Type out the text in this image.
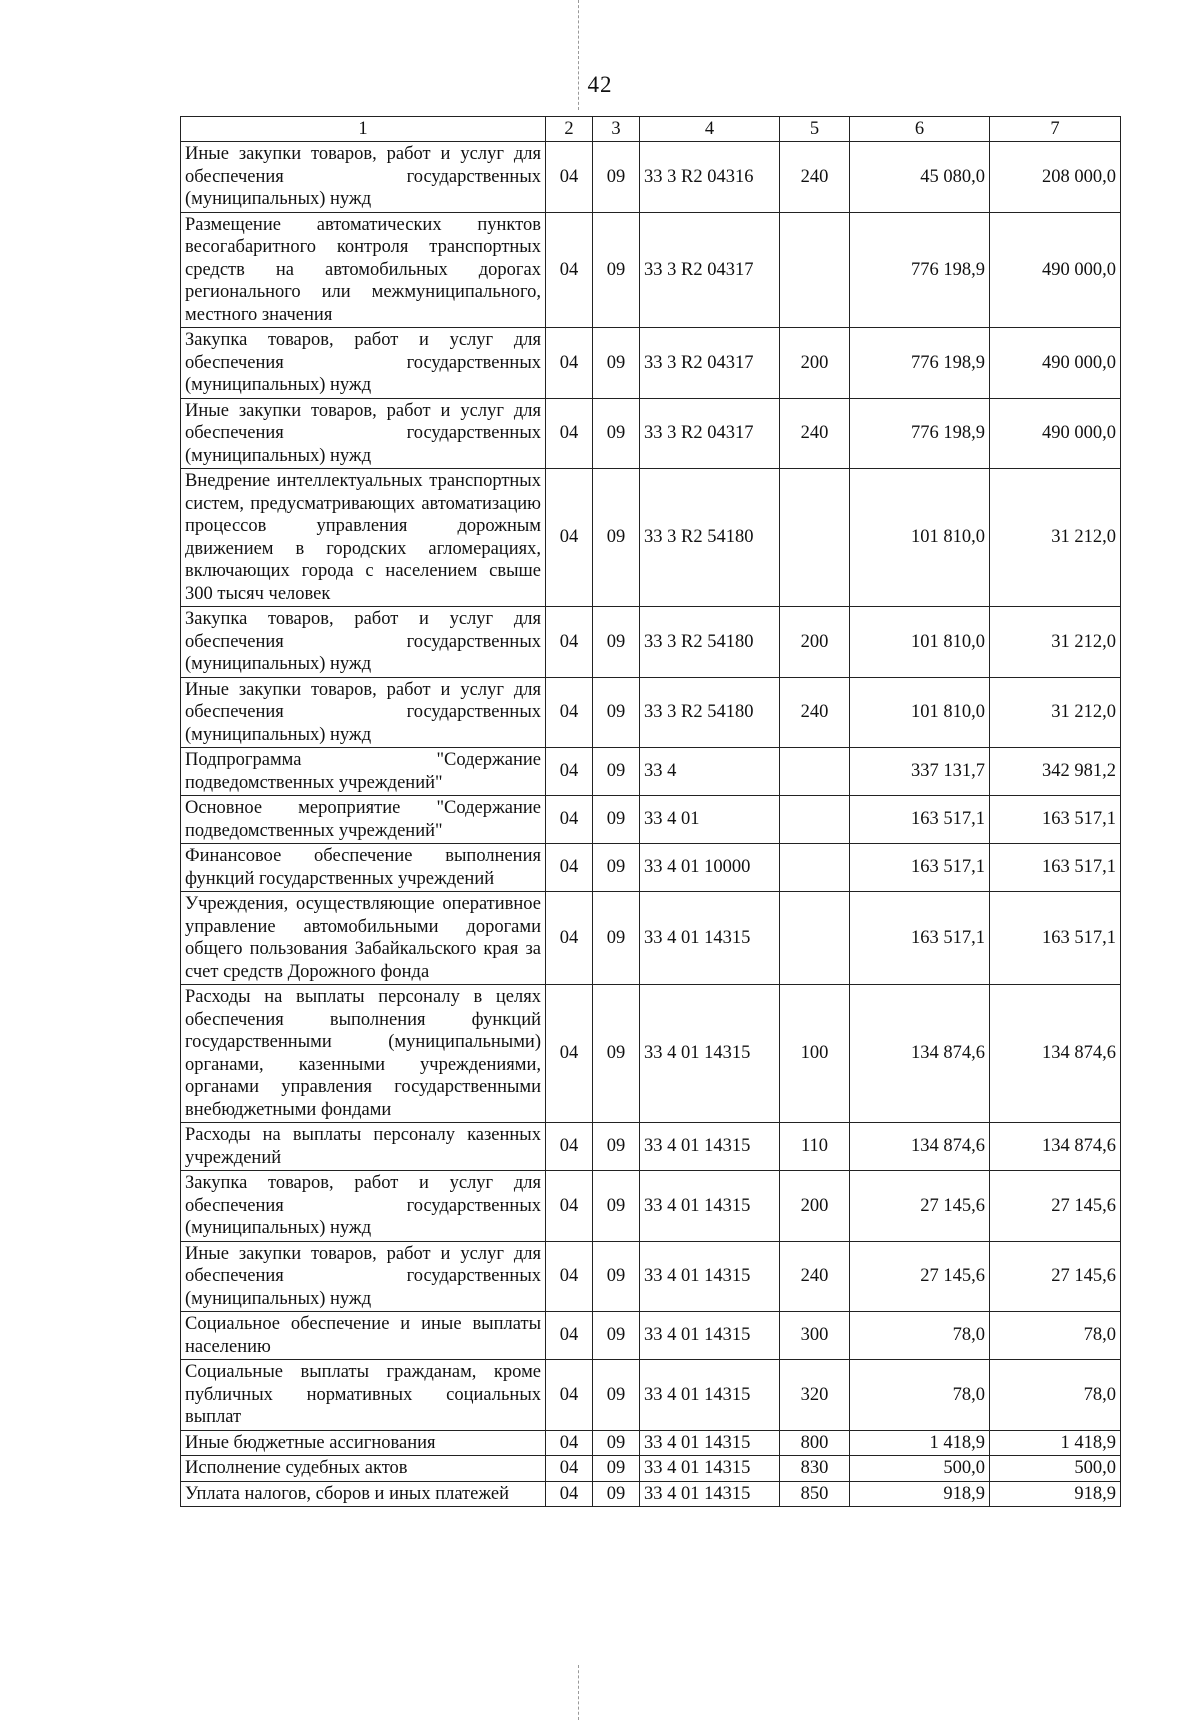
42
1	2	3	4	5	6	7
Иные закупки товаров, работ и услуг для обеспечения государственных (муниципальных) нужд	04	09	33 3 R2 04316	240	45 080,0	208 000,0
Размещение автоматических пунктов весогабаритного контроля транспортных средств на автомобильных дорогах регионального или межмуниципального, местного значения	04	09	33 3 R2 04317		776 198,9	490 000,0
Закупка товаров, работ и услуг для обеспечения государственных (муниципальных) нужд	04	09	33 3 R2 04317	200	776 198,9	490 000,0
Иные закупки товаров, работ и услуг для обеспечения государственных (муниципальных) нужд	04	09	33 3 R2 04317	240	776 198,9	490 000,0
Внедрение интеллектуальных транспортных систем, предусматривающих автоматизацию процессов управления дорожным движением в городских агломерациях, включающих города с населением свыше 300 тысяч человек	04	09	33 3 R2 54180		101 810,0	31 212,0
Закупка товаров, работ и услуг для обеспечения государственных (муниципальных) нужд	04	09	33 3 R2 54180	200	101 810,0	31 212,0
Иные закупки товаров, работ и услуг для обеспечения государственных (муниципальных) нужд	04	09	33 3 R2 54180	240	101 810,0	31 212,0
Подпрограмма "Содержание подведомственных учреждений"	04	09	33 4		337 131,7	342 981,2
Основное мероприятие "Содержание подведомственных учреждений"	04	09	33 4 01		163 517,1	163 517,1
Финансовое обеспечение выполнения функций государственных учреждений	04	09	33 4 01 10000		163 517,1	163 517,1
Учреждения, осуществляющие оперативное управление автомобильными дорогами общего пользования Забайкальского края за счет средств Дорожного фонда	04	09	33 4 01 14315		163 517,1	163 517,1
Расходы на выплаты персоналу в целях обеспечения выполнения функций государственными (муниципальными) органами, казенными учреждениями, органами управления государственными внебюджетными фондами	04	09	33 4 01 14315	100	134 874,6	134 874,6
Расходы на выплаты персоналу казенных учреждений	04	09	33 4 01 14315	110	134 874,6	134 874,6
Закупка товаров, работ и услуг для обеспечения государственных (муниципальных) нужд	04	09	33 4 01 14315	200	27 145,6	27 145,6
Иные закупки товаров, работ и услуг для обеспечения государственных (муниципальных) нужд	04	09	33 4 01 14315	240	27 145,6	27 145,6
Социальное обеспечение и иные выплаты населению	04	09	33 4 01 14315	300	78,0	78,0
Социальные выплаты гражданам, кроме публичных нормативных социальных выплат	04	09	33 4 01 14315	320	78,0	78,0
Иные бюджетные ассигнования	04	09	33 4 01 14315	800	1 418,9	1 418,9
Исполнение судебных актов	04	09	33 4 01 14315	830	500,0	500,0
Уплата налогов, сборов и иных платежей	04	09	33 4 01 14315	850	918,9	918,9
